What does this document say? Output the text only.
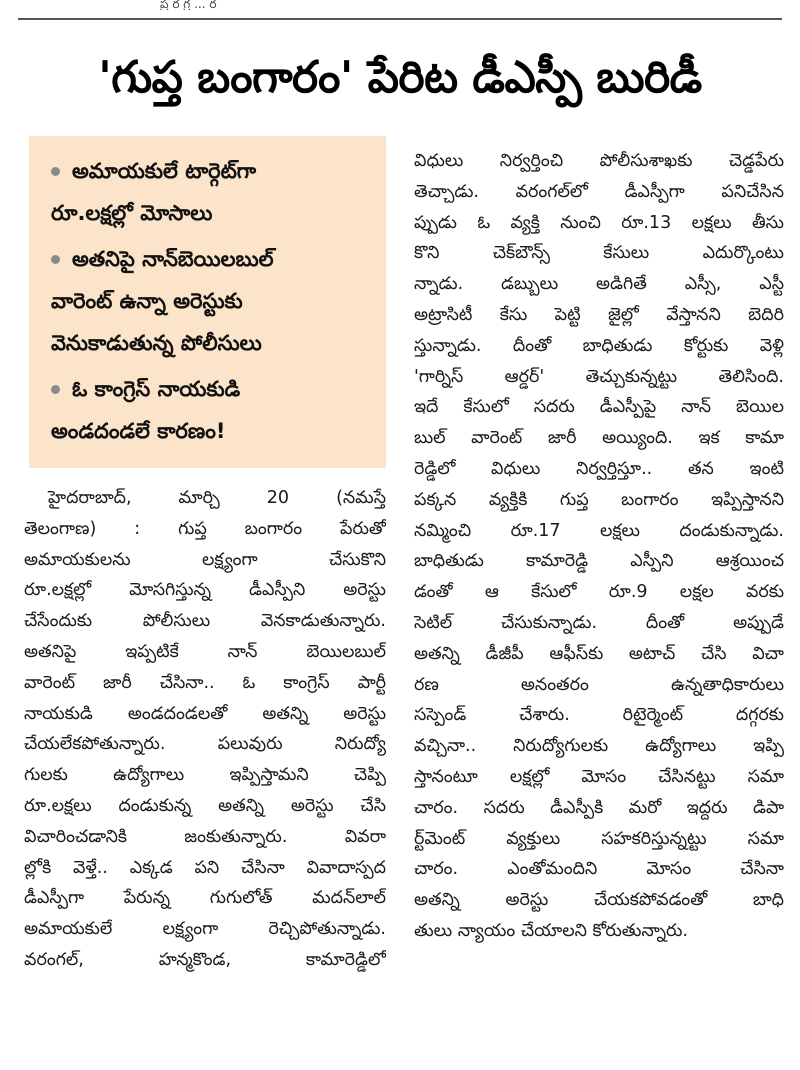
ప్ర ర గ్ర ... ర
'గుప్త బంగారం' పేరిట డీఎస్పీ బురిడీ
అమాయకులే టార్గెట్‌గా
రూ.లక్షల్లో మోసాలు
అతనిపై నాన్‌బెయిలబుల్
వారెంట్ ఉన్నా అరెస్టుకు
వెనుకాడుతున్న పోలీసులు
ఓ కాంగ్రెస్ నాయకుడి
అండదండలే కారణం!
హైదరాబాద్, మార్చి 20 (నమస్తే
తెలంగాణ) : గుప్త బంగారం పేరుతో
అమాయకులను లక్ష్యంగా చేసుకొని
రూ.లక్షల్లో మోసగిస్తున్న డీఎస్పీని అరెస్టు
చేసేందుకు పోలీసులు వెనకాడుతున్నారు.
అతనిపై ఇప్పటికే నాన్ బెయిలబుల్
వారెంట్ జారీ చేసినా.. ఓ కాంగ్రెస్ పార్టీ
నాయకుడి అండదండలతో అతన్ని అరెస్టు
చేయలేకపోతున్నారు. పలువురు నిరుద్యో
గులకు ఉద్యోగాలు ఇప్పిస్తామని చెప్పి
రూ.లక్షలు దండుకున్న అతన్ని అరెస్టు చేసి
విచారించడానికి జంకుతున్నారు. వివరా
ల్లోకి వెళ్తే.. ఎక్కడ పని చేసినా వివాదాస్పద
డీఎస్పీగా పేరున్న గుగులోత్ మదన్‌లాల్
అమాయకులే లక్ష్యంగా రెచ్చిపోతున్నాడు.
వరంగల్, హన్మకొండ, కామారెడ్డిలో
విధులు నిర్వర్తించి పోలీసుశాఖకు చెడ్డపేరు
తెచ్చాడు. వరంగల్‌లో డీఎస్పీగా పనిచేసిన
ప్పుడు ఓ వ్యక్తి నుంచి రూ.13 లక్షలు తీసు
కొని చెక్‌బౌన్స్ కేసులు ఎదుర్కొంటు
న్నాడు. డబ్బులు అడిగితే ఎస్సీ, ఎస్టీ
అట్రాసిటీ కేసు పెట్టి జైల్లో వేస్తానని బెదిరి
స్తున్నాడు. దీంతో బాధితుడు కోర్టుకు వెళ్లి
'గార్నిస్ ఆర్డర్' తెచ్చుకున్నట్టు తెలిసింది.
ఇదే కేసులో సదరు డీఎస్పీపై నాన్ బెయిల
బుల్ వారెంట్ జారీ అయ్యింది. ఇక కామా
రెడ్డిలో విధులు నిర్వర్తిస్తూ.. తన ఇంటి
పక్కన వ్యక్తికి గుప్త బంగారం ఇప్పిస్తానని
నమ్మించి రూ.17 లక్షలు దండుకున్నాడు.
బాధితుడు కామారెడ్డి ఎస్పీని ఆశ్రయించ
డంతో ఆ కేసులో రూ.9 లక్షల వరకు
సెటిల్ చేసుకున్నాడు. దీంతో అప్పుడే
అతన్ని డీజీపీ ఆఫీస్‌కు అటాచ్ చేసి విచా
రణ అనంతరం ఉన్నతాధికారులు
సస్పెండ్ చేశారు. రిటైర్మెంట్ దగ్గరకు
వచ్చినా.. నిరుద్యోగులకు ఉద్యోగాలు ఇప్పి
స్తానంటూ లక్షల్లో మోసం చేసినట్టు సమా
చారం. సదరు డీఎస్పీకి మరో ఇద్దరు డిపా
ర్ట్‌మెంట్ వ్యక్తులు సహకరిస్తున్నట్టు సమా
చారం. ఎంతోమందిని మోసం చేసినా
అతన్ని అరెస్టు చేయకపోవడంతో బాధి
తులు న్యాయం చేయాలని కోరుతున్నారు.
